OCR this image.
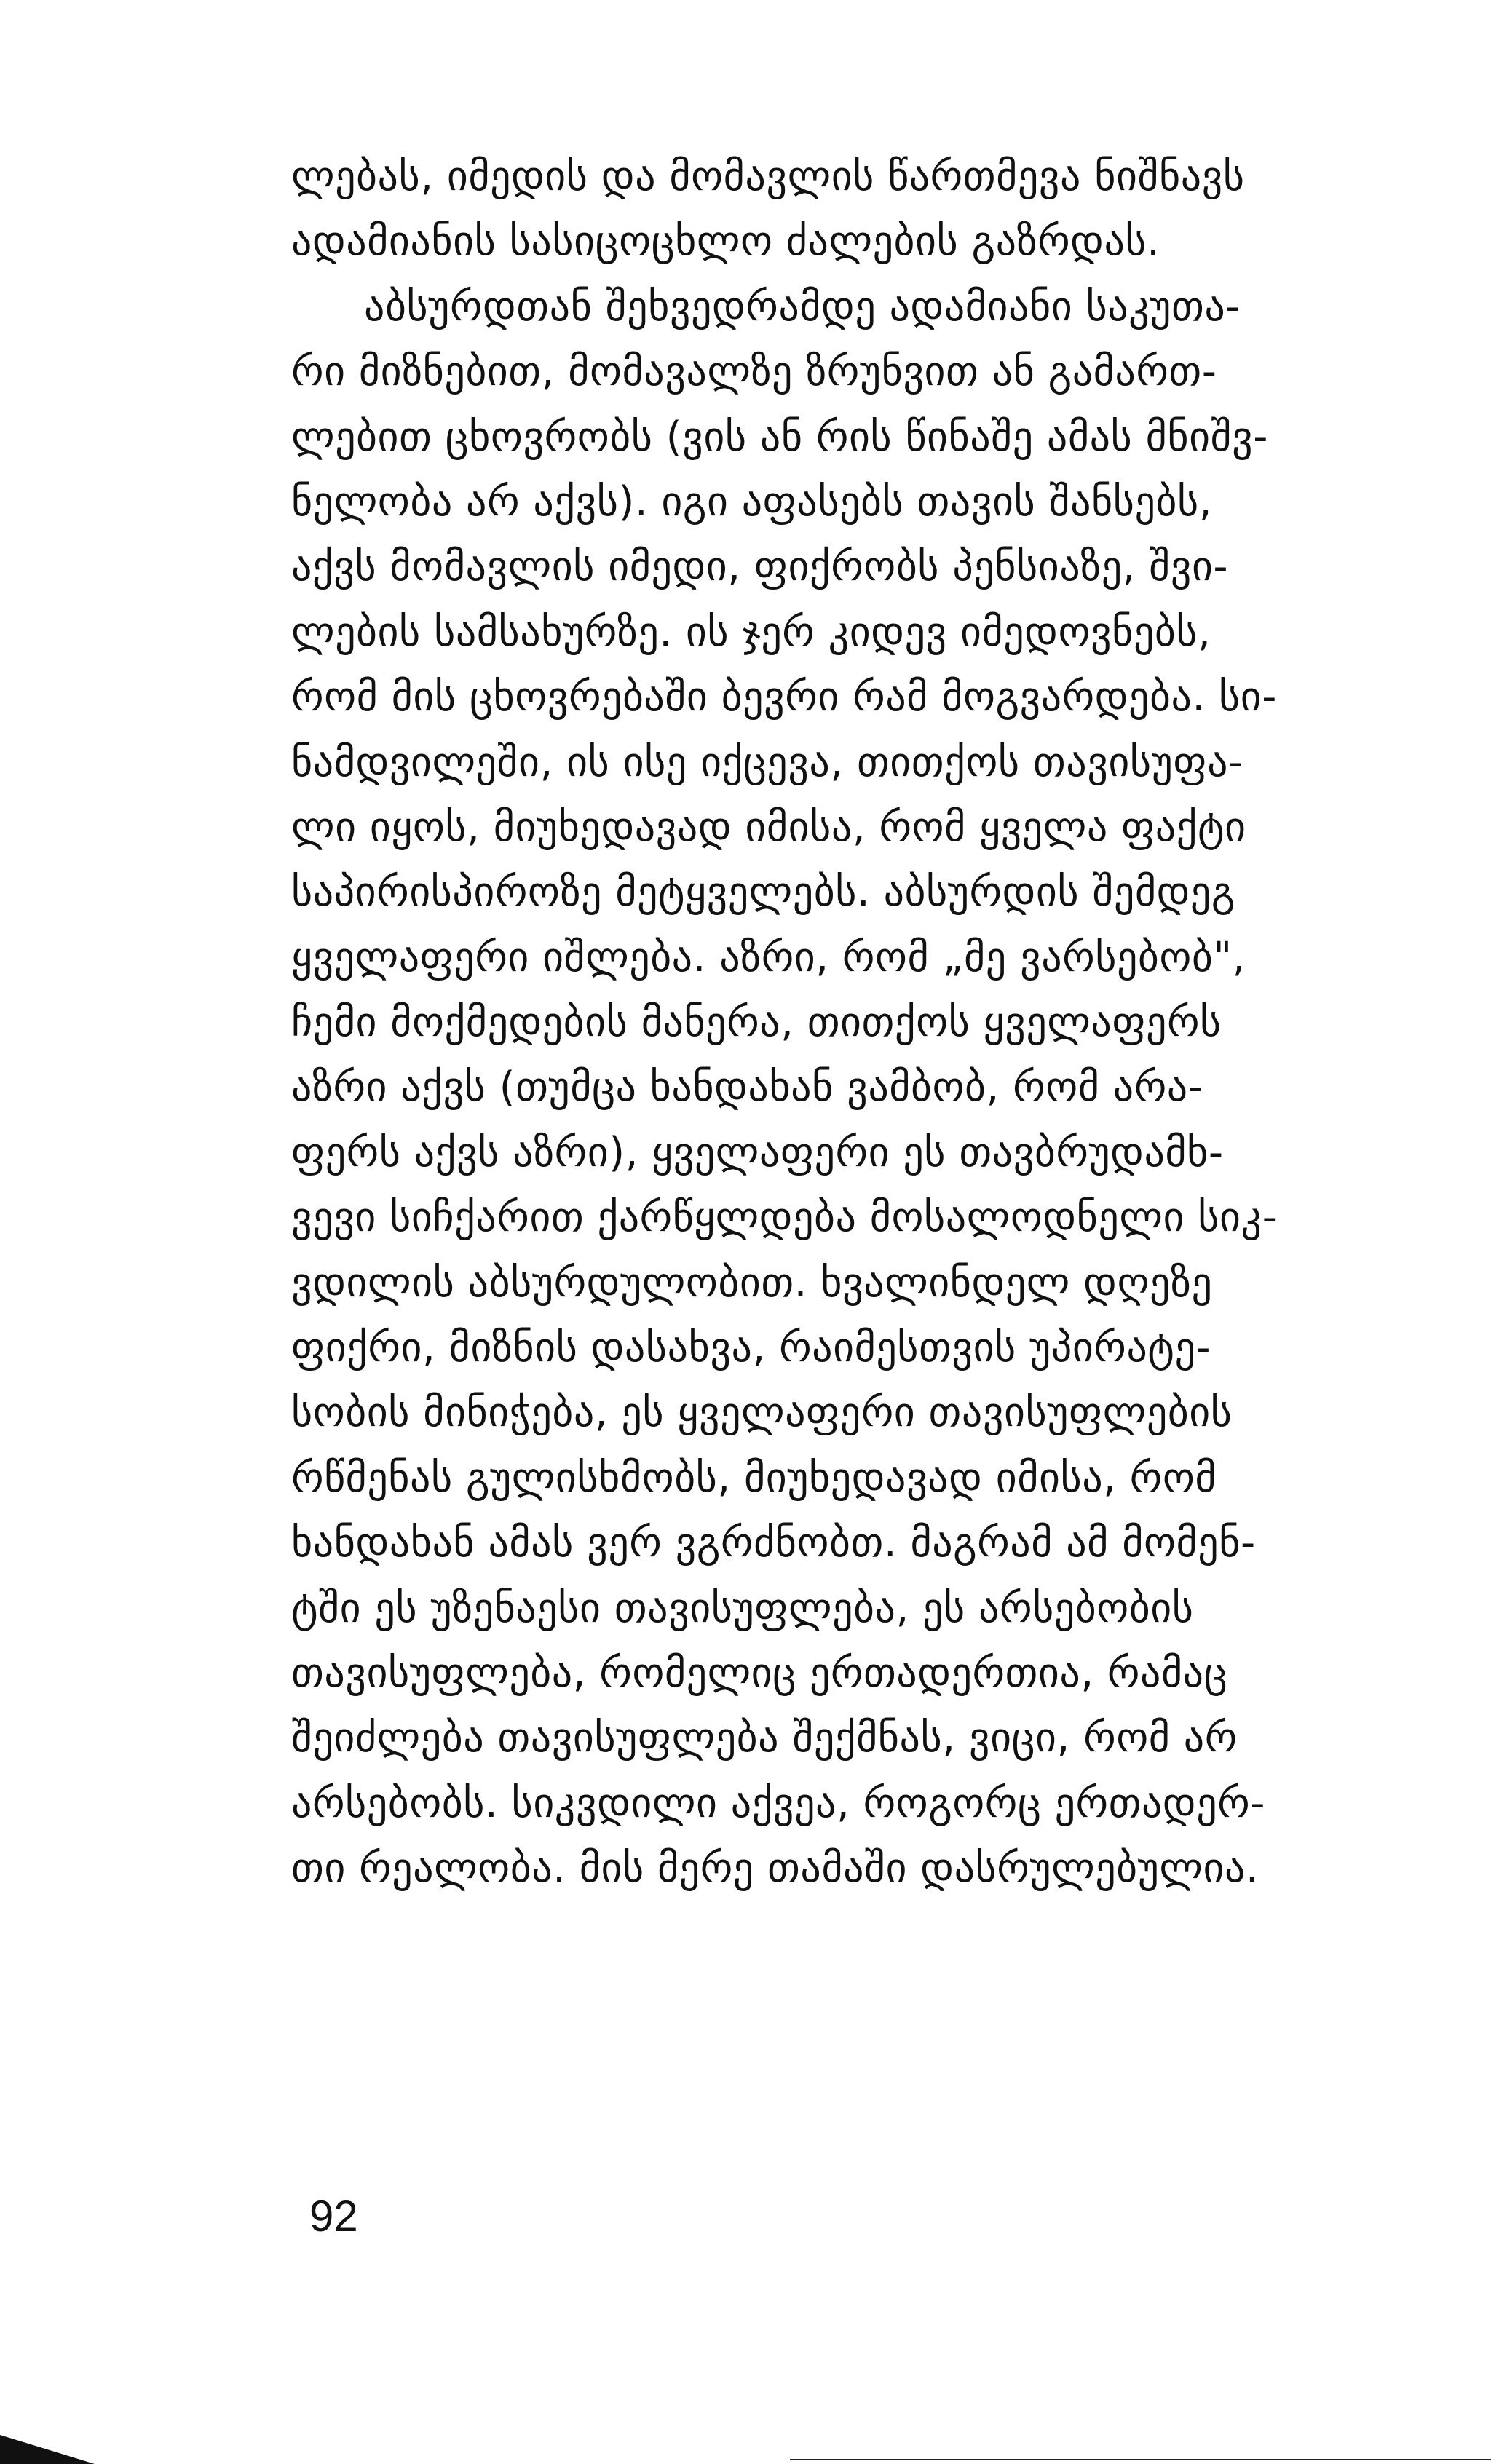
ლებას, იმედის და მომავლის წართმევა ნიშნავს
ადამიანის სასიცოცხლო ძალების გაზრდას.
აბსურდთან შეხვედრამდე ადამიანი საკუთა-
რი მიზნებით, მომავალზე ზრუნვით ან გამართ-
ლებით ცხოვრობს (ვის ან რის წინაშე ამას მნიშვ-
ნელობა არ აქვს). იგი აფასებს თავის შანსებს,
აქვს მომავლის იმედი, ფიქრობს პენსიაზე, შვი-
ლების სამსახურზე. ის ჯერ კიდევ იმედოვნებს,
რომ მის ცხოვრებაში ბევრი რამ მოგვარდება. სი-
ნამდვილეში, ის ისე იქცევა, თითქოს თავისუფა-
ლი იყოს, მიუხედავად იმისა, რომ ყველა ფაქტი
საპირისპიროზე მეტყველებს. აბსურდის შემდეგ
ყველაფერი იშლება. აზრი, რომ „მე ვარსებობ",
ჩემი მოქმედების მანერა, თითქოს ყველაფერს
აზრი აქვს (თუმცა ხანდახან ვამბობ, რომ არა-
ფერს აქვს აზრი), ყველაფერი ეს თავბრუდამხ-
ვევი სიჩქარით ქარწყლდება მოსალოდნელი სიკ-
ვდილის აბსურდულობით. ხვალინდელ დღეზე
ფიქრი, მიზნის დასახვა, რაიმესთვის უპირატე-
სობის მინიჭება, ეს ყველაფერი თავისუფლების
რწმენას გულისხმობს, მიუხედავად იმისა, რომ
ხანდახან ამას ვერ ვგრძნობთ. მაგრამ ამ მომენ-
ტში ეს უზენაესი თავისუფლება, ეს არსებობის
თავისუფლება, რომელიც ერთადერთია, რამაც
შეიძლება თავისუფლება შექმნას, ვიცი, რომ არ
არსებობს. სიკვდილი აქვეა, როგორც ერთადერ-
თი რეალობა. მის მერე თამაში დასრულებულია.
92
